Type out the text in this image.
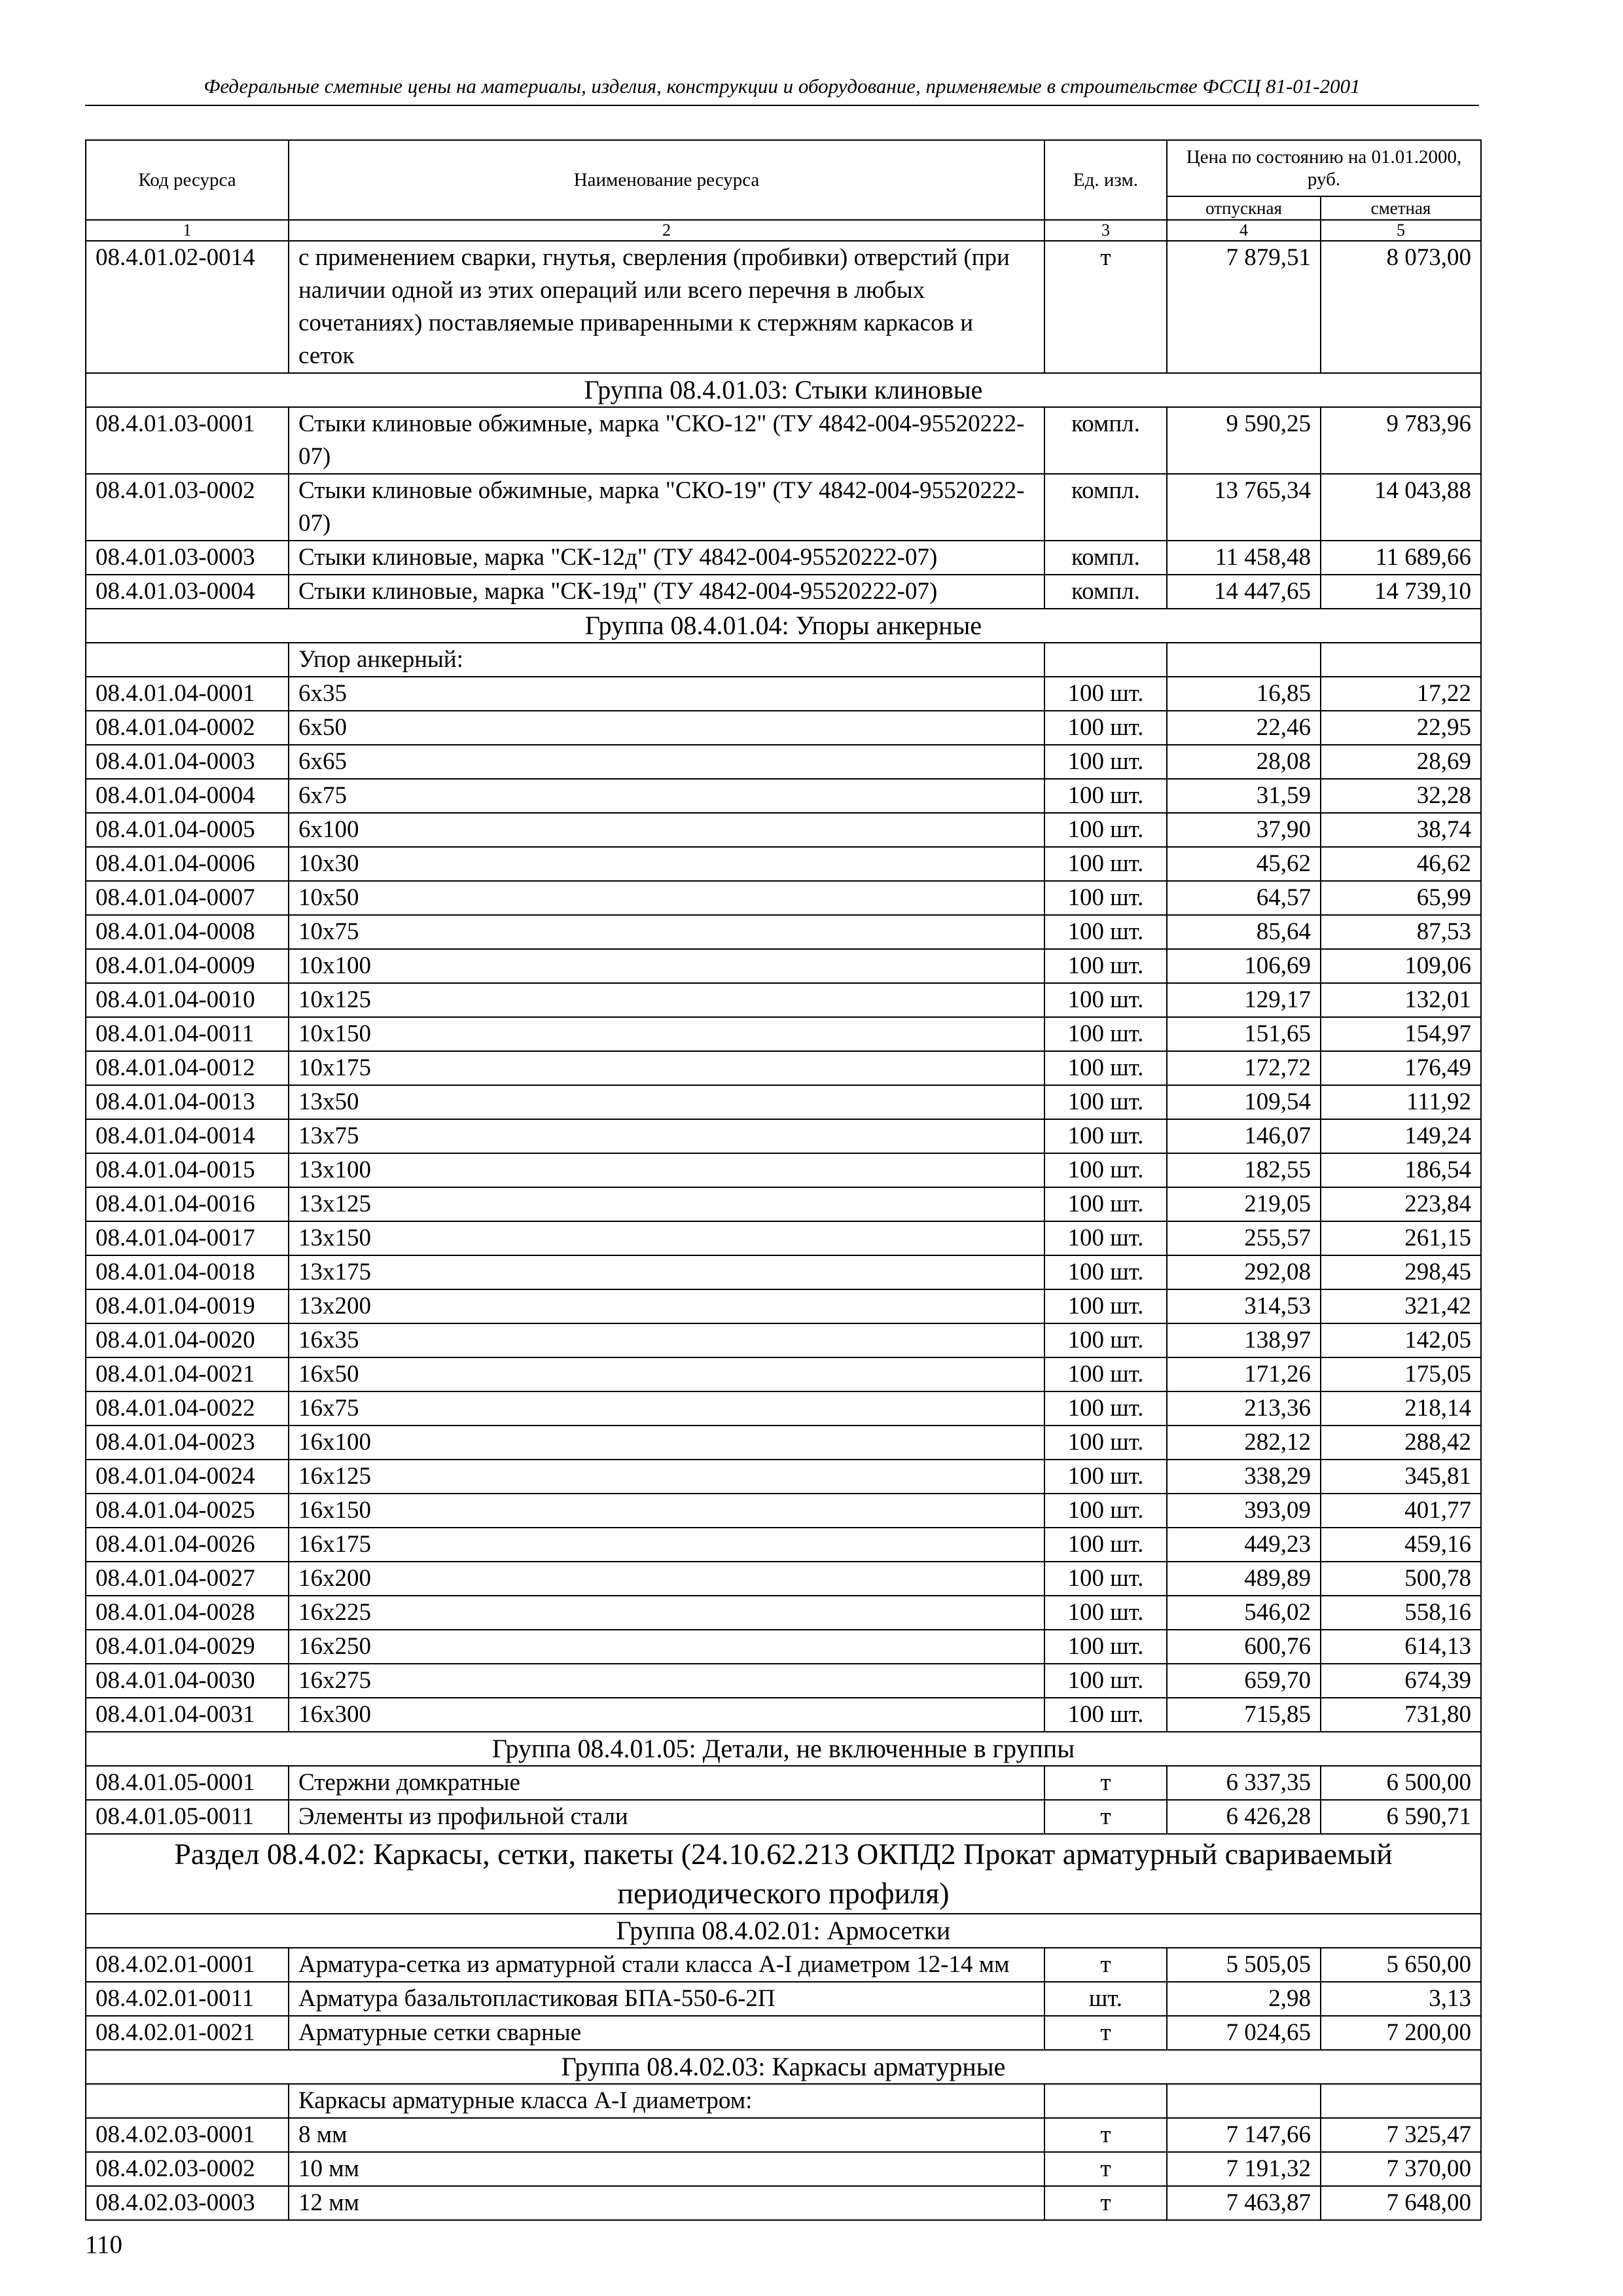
Федеральные сметные цены на материалы, изделия, конструкции и оборудование, применяемые в строительстве ФССЦ 81-01-2001
Код ресурса	Наименование ресурса	Ед. изм.	Цена по состоянию на 01.01.2000, руб.	
			отпускная	сметная
1	2	3	4	5
08.4.01.02-0014	с применением сварки, гнутья, сверления (пробивки) отверстий (при наличии одной из этих операций или всего перечня в любых сочетаниях) поставляемые приваренными к стержням каркасов и сеток	т	7 879,51	8 073,00
Группа 08.4.01.03: Стыки клиновые				
08.4.01.03-0001	Стыки клиновые обжимные, марка "СКО-12" (ТУ 4842-004-95520222-07)	компл.	9 590,25	9 783,96
08.4.01.03-0002	Стыки клиновые обжимные, марка "СКО-19" (ТУ 4842-004-95520222-07)	компл.	13 765,34	14 043,88
08.4.01.03-0003	Стыки клиновые, марка "СК-12д" (ТУ 4842-004-95520222-07)	компл.	11 458,48	11 689,66
08.4.01.03-0004	Стыки клиновые, марка "СК-19д" (ТУ 4842-004-95520222-07)	компл.	14 447,65	14 739,10
Группа 08.4.01.04: Упоры анкерные				
	Упор анкерный:			
08.4.01.04-0001	6x35	100 шт.	16,85	17,22
08.4.01.04-0002	6x50	100 шт.	22,46	22,95
08.4.01.04-0003	6x65	100 шт.	28,08	28,69
08.4.01.04-0004	6x75	100 шт.	31,59	32,28
08.4.01.04-0005	6x100	100 шт.	37,90	38,74
08.4.01.04-0006	10x30	100 шт.	45,62	46,62
08.4.01.04-0007	10x50	100 шт.	64,57	65,99
08.4.01.04-0008	10x75	100 шт.	85,64	87,53
08.4.01.04-0009	10x100	100 шт.	106,69	109,06
08.4.01.04-0010	10x125	100 шт.	129,17	132,01
08.4.01.04-0011	10x150	100 шт.	151,65	154,97
08.4.01.04-0012	10x175	100 шт.	172,72	176,49
08.4.01.04-0013	13x50	100 шт.	109,54	111,92
08.4.01.04-0014	13x75	100 шт.	146,07	149,24
08.4.01.04-0015	13x100	100 шт.	182,55	186,54
08.4.01.04-0016	13x125	100 шт.	219,05	223,84
08.4.01.04-0017	13x150	100 шт.	255,57	261,15
08.4.01.04-0018	13x175	100 шт.	292,08	298,45
08.4.01.04-0019	13x200	100 шт.	314,53	321,42
08.4.01.04-0020	16x35	100 шт.	138,97	142,05
08.4.01.04-0021	16x50	100 шт.	171,26	175,05
08.4.01.04-0022	16x75	100 шт.	213,36	218,14
08.4.01.04-0023	16x100	100 шт.	282,12	288,42
08.4.01.04-0024	16x125	100 шт.	338,29	345,81
08.4.01.04-0025	16x150	100 шт.	393,09	401,77
08.4.01.04-0026	16x175	100 шт.	449,23	459,16
08.4.01.04-0027	16x200	100 шт.	489,89	500,78
08.4.01.04-0028	16x225	100 шт.	546,02	558,16
08.4.01.04-0029	16x250	100 шт.	600,76	614,13
08.4.01.04-0030	16x275	100 шт.	659,70	674,39
08.4.01.04-0031	16x300	100 шт.	715,85	731,80
Группа 08.4.01.05: Детали, не включенные в группы				
08.4.01.05-0001	Стержни домкратные	т	6 337,35	6 500,00
08.4.01.05-0011	Элементы из профильной стали	т	6 426,28	6 590,71
Раздел 08.4.02: Каркасы, сетки, пакеты (24.10.62.213 ОКПД2 Прокат арматурный свариваемый периодического профиля)				
Группа 08.4.02.01: Армосетки				
08.4.02.01-0001	Арматура-сетка из арматурной стали класса А-I диаметром 12-14 мм	т	5 505,05	5 650,00
08.4.02.01-0011	Арматура базальтопластиковая БПА-550-6-2П	шт.	2,98	3,13
08.4.02.01-0021	Арматурные сетки сварные	т	7 024,65	7 200,00
Группа 08.4.02.03: Каркасы арматурные				
	Каркасы арматурные класса А-I диаметром:			
08.4.02.03-0001	8 мм	т	7 147,66	7 325,47
08.4.02.03-0002	10 мм	т	7 191,32	7 370,00
08.4.02.03-0003	12 мм	т	7 463,87	7 648,00
110
